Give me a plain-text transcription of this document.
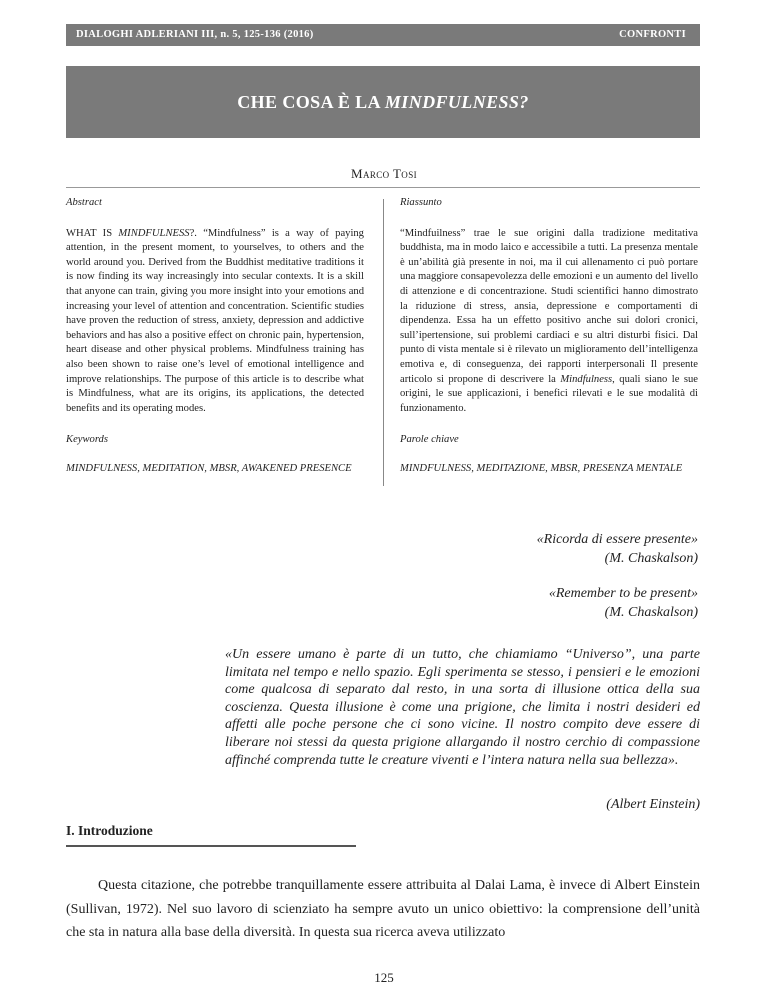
DIALOGHI ADLERIANI III, n. 5, 125-136 (2016)	CONFRONTI
CHE COSA È LA MINDFULNESS?
Marco Tosi
Abstract
WHAT IS MINDFULNESS?. “Mindfulness” is a way of paying attention, in the present moment, to yourselves, to others and the world around you. Derived from the Buddhist meditative traditions it is now finding its way increasingly into secular contexts. It is a skill that anyone can train, giving you more insight into your emotions and increasing your level of attention and concentration. Scientific studies have proven the reduction of stress, anxiety, depression and addictive behaviors and has also a positive effect on chronic pain, hypertension, heart disease and other physical problems. Mindfulness training has also been shown to raise one’s level of emotional intelligence and improve relationships. The purpose of this article is to describe what is Mindfulness, what are its origins, its applications, the detected benefits and its operating modes.
Keywords
MINDFULNESS, MEDITATION, MBSR, AWAKENED PRESENCE
Riassunto
“Mindfuilness” trae le sue origini dalla tradizione meditativa buddhista, ma in modo laico e accessibile a tutti. La presenza mentale è un’abilità già presente in noi, ma il cui allenamento ci può portare una maggiore consapevolezza delle emozioni e un aumento del livello di attenzione e di concentrazione. Studi scientifici hanno dimostrato la riduzione di stress, ansia, depressione e comportamenti di dipendenza. Essa ha un effetto positivo anche sui dolori cronici, sull’ipertensione, sui problemi cardiaci e su altri disturbi fisici. Dal punto di vista mentale si è rilevato un miglioramento dell’intelligenza emotiva e, di conseguenza, dei rapporti interpersonali Il presente articolo si propone di descrivere la Mindfulness, quali siano le sue origini, le sue applicazioni, i benefici rilevati e le sue modalità di funzionamento.
Parole chiave
MINDFULNESS, MEDITAZIONE, MBSR, PRESENZA MENTALE
«Ricorda di essere presente»
(M. Chaskalson)
«Remember to be present»
(M. Chaskalson)
«Un essere umano è parte di un tutto, che chiamiamo “Universo”, una parte limitata nel tempo e nello spazio. Egli sperimenta se stesso, i pensieri e le emozioni come qualcosa di separato dal resto, in una sorta di illusione ottica della sua coscienza. Questa illusione è come una prigione, che limita i nostri desideri ed affetti alle poche persone che ci sono vicine. Il nostro compito deve essere di liberare noi stessi da questa prigione allargando il nostro cerchio di compassione affinché comprenda tutte le creature viventi e l’intera natura nella sua bellezza».
(Albert Einstein)
I. Introduzione
Questa citazione, che potrebbe tranquillamente essere attribuita al Dalai Lama, è invece di Albert Einstein (Sullivan, 1972). Nel suo lavoro di scienziato ha sempre avuto un unico obiettivo: la comprensione dell’unità che sta in natura alla base della diversità. In questa sua ricerca aveva utilizzato
125
